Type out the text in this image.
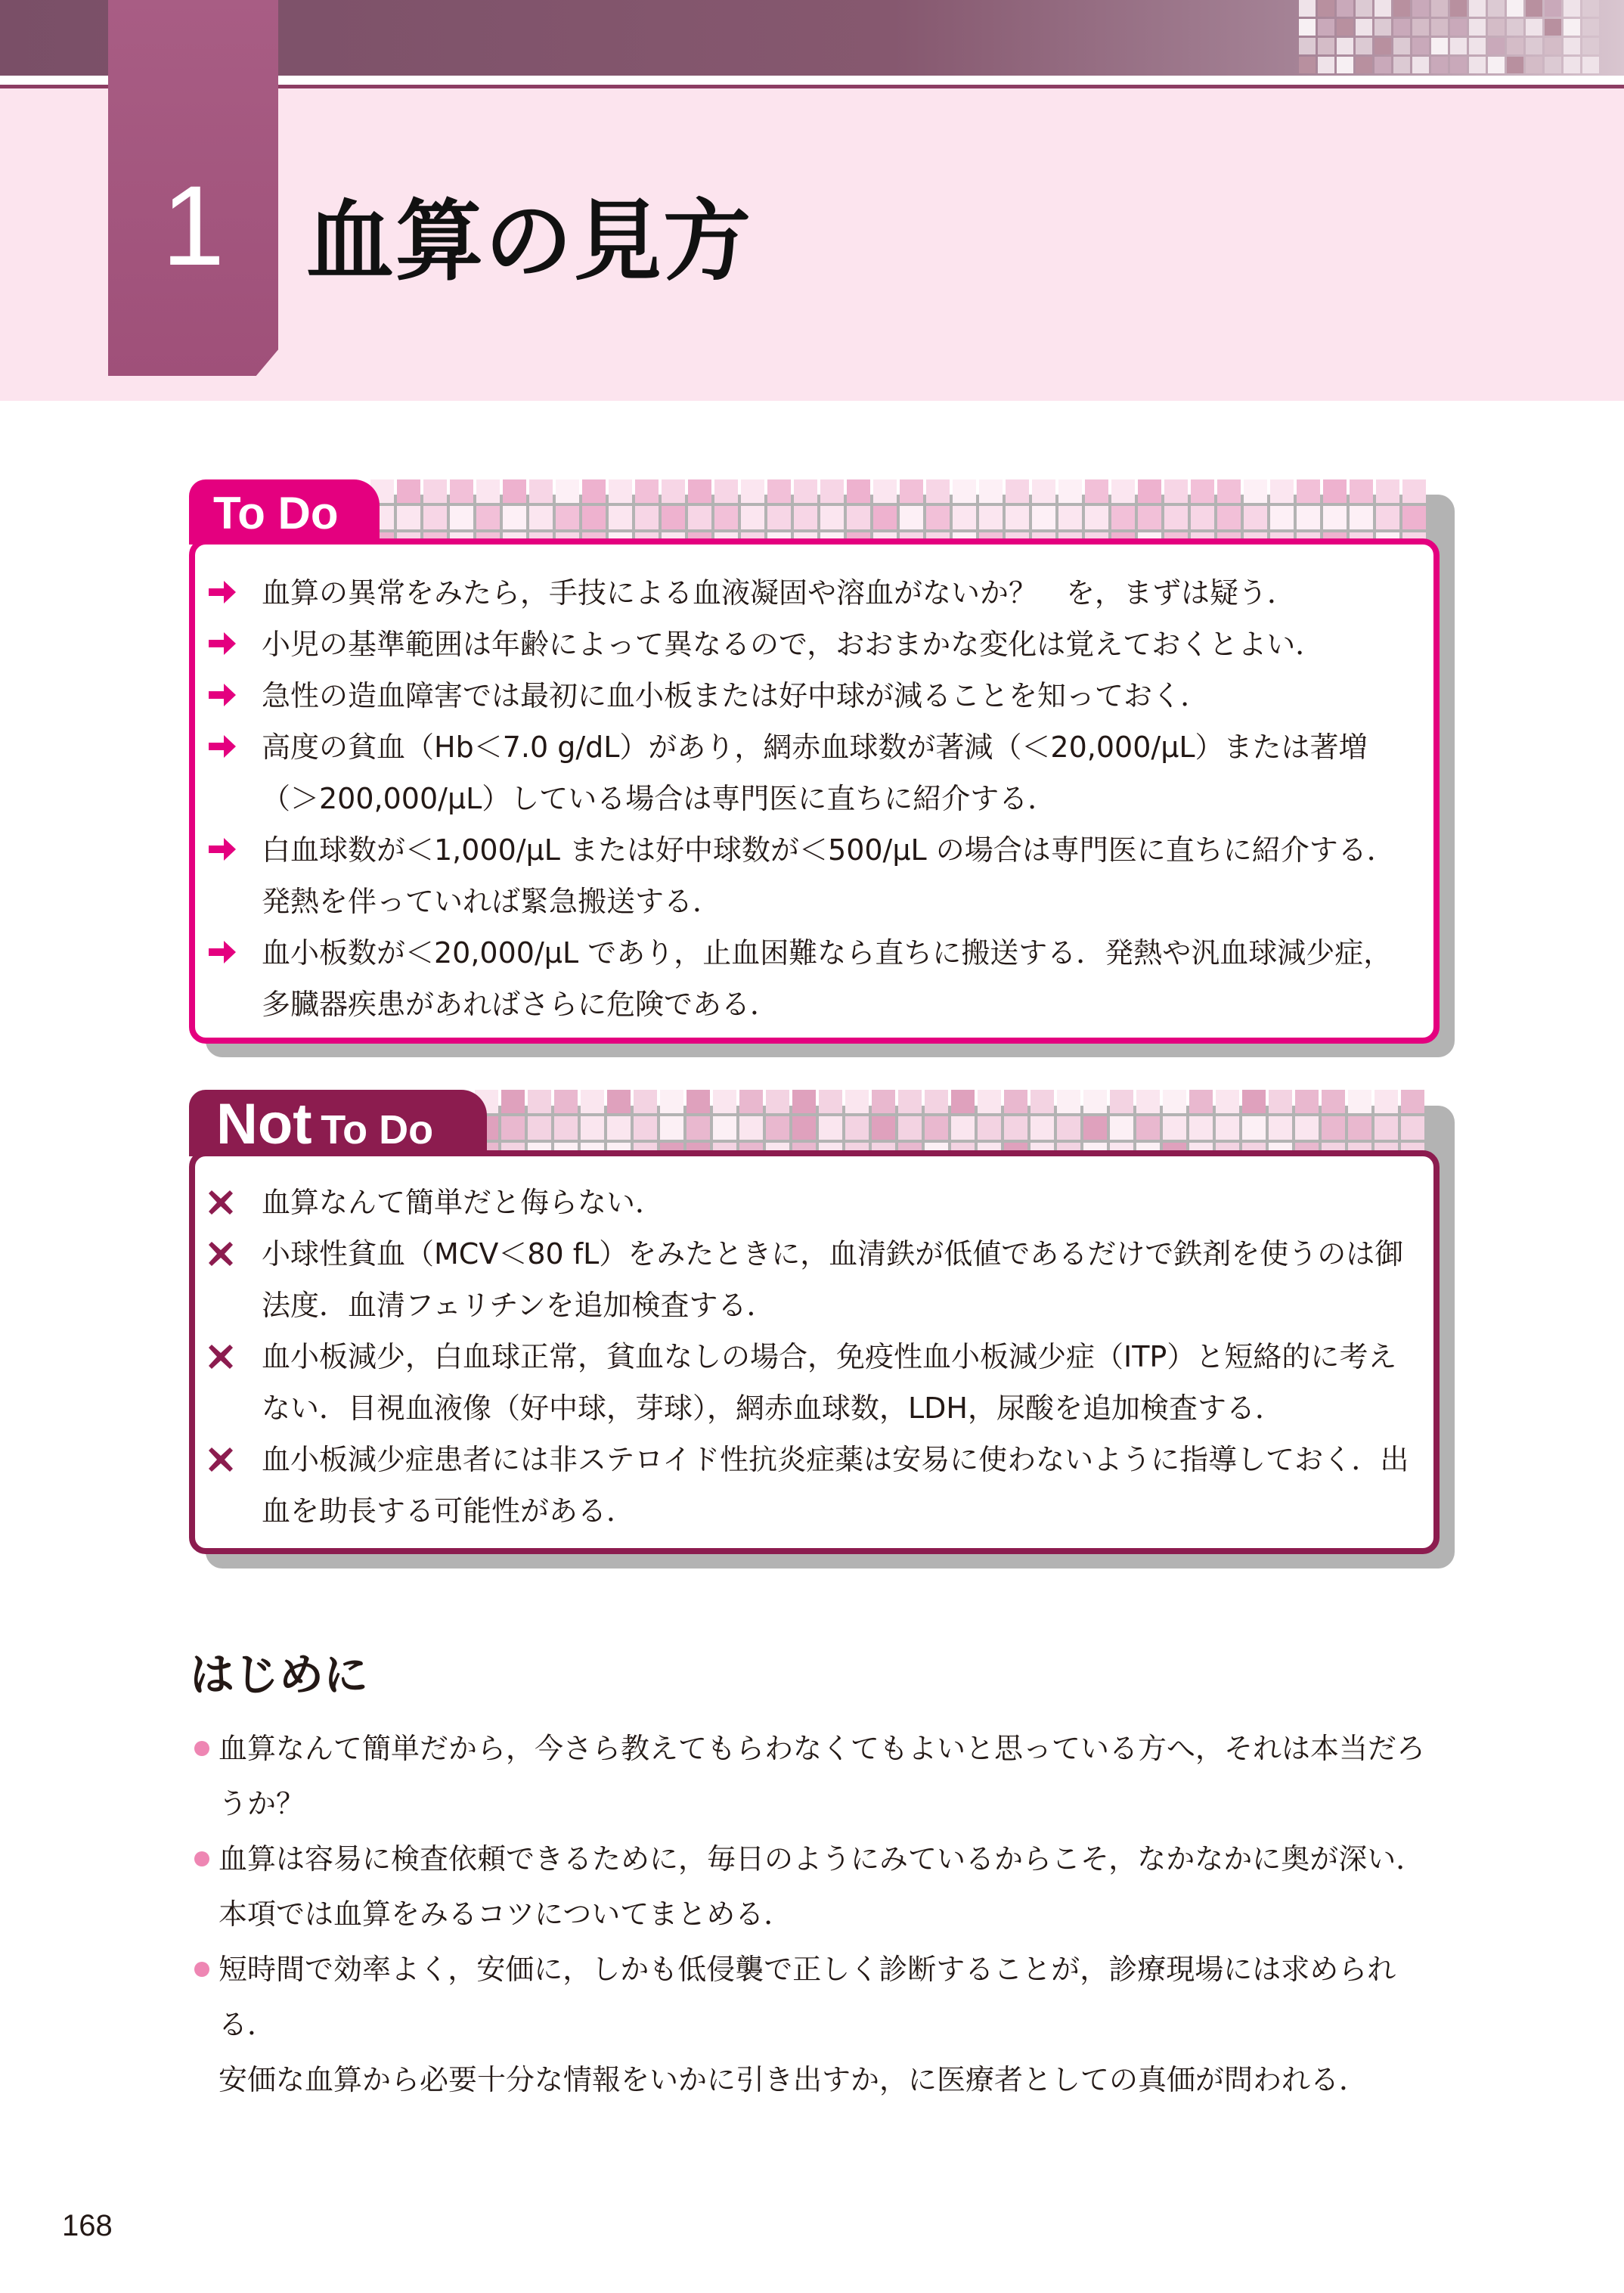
1 血算の見方
To Do
血算の異常をみたら，手技による血液凝固や溶血がないか？　を，まずは疑う．
小児の基準範囲は年齢によって異なるので，おおまかな変化は覚えておくとよい．
急性の造血障害では最初に血小板または好中球が減ることを知っておく．
高度の貧血（Hb＜7.0 g/dL）があり，網赤血球数が著減（＜20,000/μL）または著増
（＞200,000/μL）している場合は専門医に直ちに紹介する．
白血球数が＜1,000/μL または好中球数が＜500/μL の場合は専門医に直ちに紹介する．
発熱を伴っていれば緊急搬送する．
血小板数が＜20,000/μL であり，止血困難なら直ちに搬送する．発熱や汎血球減少症，
多臓器疾患があればさらに危険である．
Not To Do
血算なんて簡単だと侮らない．
小球性貧血（MCV＜80 fL）をみたときに，血清鉄が低値であるだけで鉄剤を使うのは御
法度．血清フェリチンを追加検査する．
血小板減少，白血球正常，貧血なしの場合，免疫性血小板減少症（ITP）と短絡的に考え
ない．目視血液像（好中球，芽球），網赤血球数，LDH，尿酸を追加検査する．
血小板減少症患者には非ステロイド性抗炎症薬は安易に使わないように指導しておく．出
血を助長する可能性がある．
はじめに
血算なんて簡単だから，今さら教えてもらわなくてもよいと思っている方へ，それは本当だろ
うか？
血算は容易に検査依頼できるために，毎日のようにみているからこそ，なかなかに奥が深い．
本項では血算をみるコツについてまとめる．
短時間で効率よく，安価に，しかも低侵襲で正しく診断することが，診療現場には求められる．
安価な血算から必要十分な情報をいかに引き出すか，に医療者としての真価が問われる．
168
